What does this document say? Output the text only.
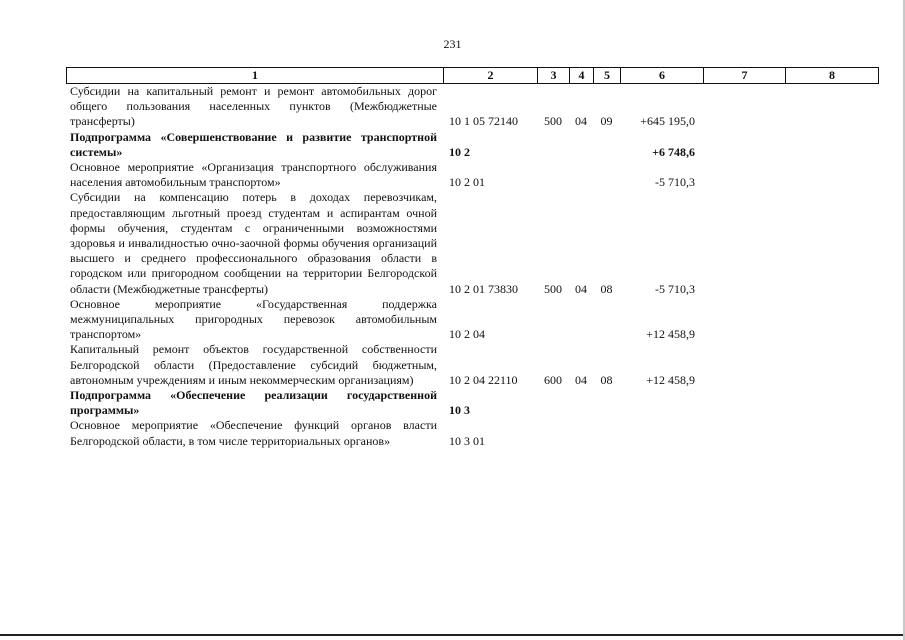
231
1	2	3	4	5	6	7	8
Субсидии на капитальный ремонт и ремонт автомобильных дорог общего пользования населенных пунктов (Межбюджетные трансферты)	10 1 05 72140	500	04	09	+645 195,0		
Подпрограмма «Совершенствование и развитие транспортной системы»	10 2				+6 748,6		
Основное мероприятие «Организация транспортного обслуживания населения автомобильным транспортом»	10 2 01				-5 710,3		
Субсидии на компенсацию потерь в доходах перевозчикам, предоставляющим льготный проезд студентам и аспирантам очной формы обучения, студентам с ограниченными возможностями здоровья и инвалидностью очно-заочной формы обучения организаций высшего и среднего профессионального образования области в городском или пригородном сообщении на территории Белгородской области (Межбюджетные трансферты)	10 2 01 73830	500	04	08	-5 710,3		
Основное мероприятие «Государственная поддержка межмуниципальных пригородных перевозок автомобильным транспортом»	10 2 04				+12 458,9		
Капитальный ремонт объектов государственной собственности Белгородской области (Предоставление субсидий бюджетным, автономным учреждениям и иным некоммерческим организациям)	10 2 04 22110	600	04	08	+12 458,9		
Подпрограмма «Обеспечение реализации государственной программы»	10 3						
Основное мероприятие «Обеспечение функций органов власти Белгородской области, в том числе территориальных органов»	10 3 01						
